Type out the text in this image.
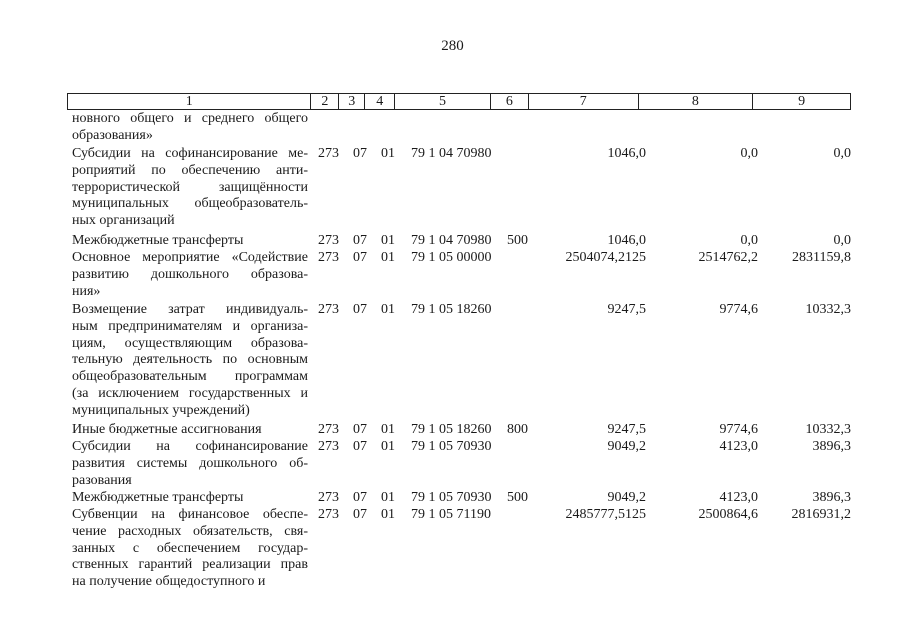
280
1	2	3	4	5	6	7	8	9
новного общего и среднего общего
образования»
Субсидии на софинансирование ме-
роприятий по обеспечению анти-
террористической защищённости
муниципальных общеобразователь-
ных организаций
273 07 01 79 1 04 70980	1046,0	0,0	0,0
Межбюджетные трансферты	273 07 01 79 1 04 70980 500	1046,0	0,0	0,0
Основное мероприятие «Содействие
развитию дошкольного образова-
ния»
273 07 01 79 1 05 00000	2504074,2125	2514762,2 2831159,8
Возмещение затрат индивидуаль-
ным предпринимателям и организа-
циям, осуществляющим образова-
тельную деятельность по основным
общеобразовательным программам
(за исключением государственных и
муниципальных учреждений)
273 07 01 79 1 05 18260	9247,5	9774,6	10332,3
Иные бюджетные ассигнования	273 07 01 79 1 05 18260 800	9247,5	9774,6	10332,3
Субсидии на софинансирование
развития системы дошкольного об-
разования
273 07 01 79 1 05 70930	9049,2	4123,0	3896,3
Межбюджетные трансферты	273 07 01 79 1 05 70930 500	9049,2	4123,0	3896,3
Субвенции на финансовое обеспе-
чение расходных обязательств, свя-
занных с обеспечением государ-
ственных гарантий реализации прав
на получение общедоступного и
273 07 01 79 1 05 71190	2485777,5125	2500864,6 2816931,2
